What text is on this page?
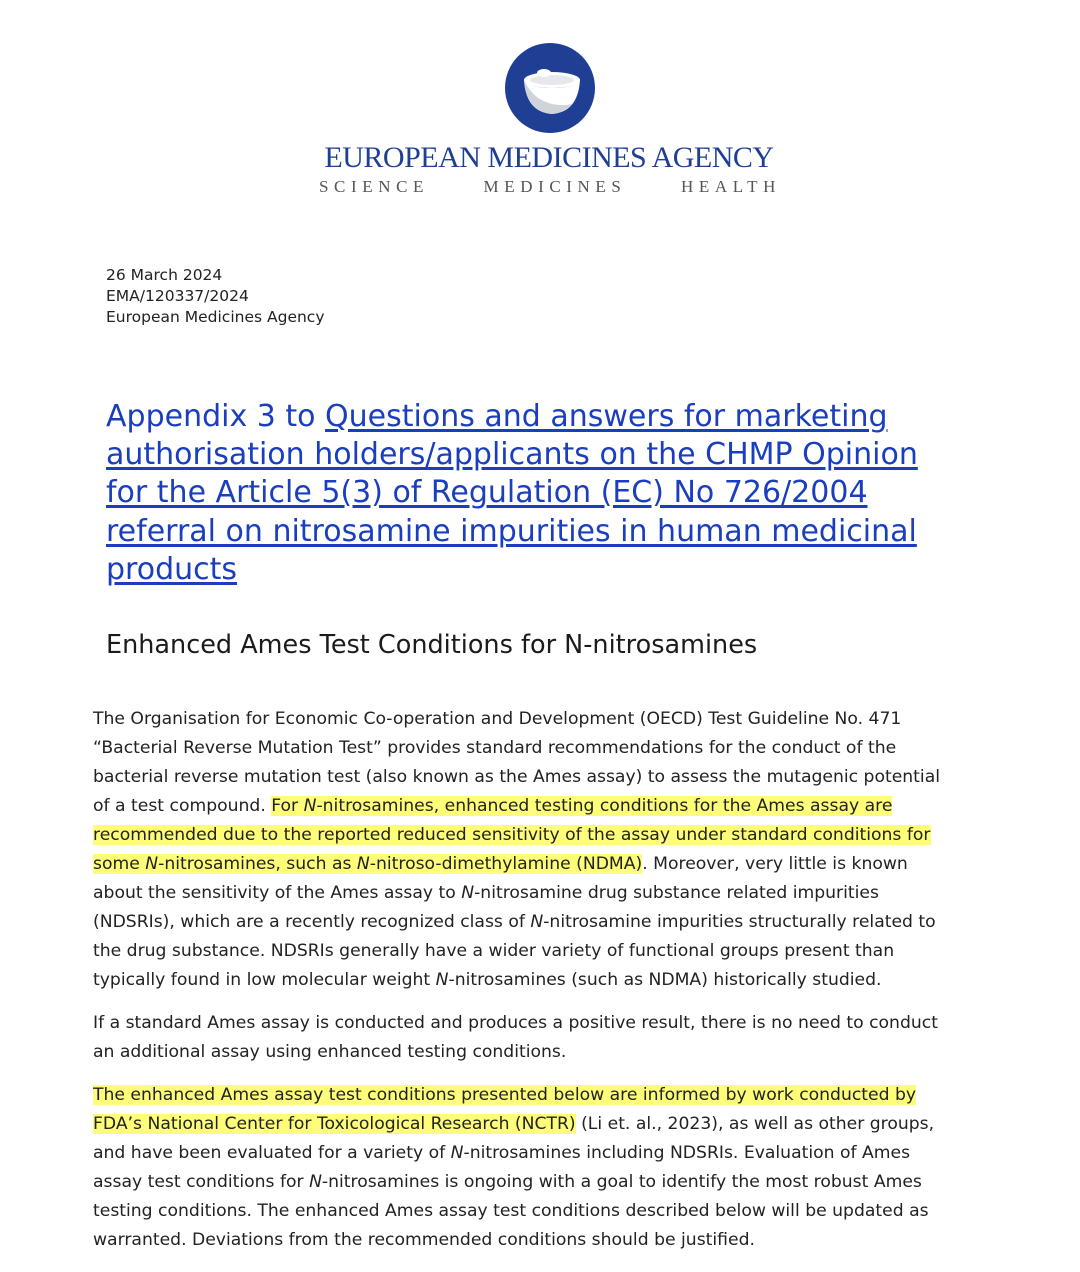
EUROPEAN MEDICINES AGENCY
SCIENCE	MEDICINES	HEALTH
26 March 2024
EMA/120337/2024
European Medicines Agency
Appendix 3 to Questions and answers for marketing
authorisation holders/applicants on the CHMP Opinion
for the Article 5(3) of Regulation (EC) No 726/2004
referral on nitrosamine impurities in human medicinal
products
Enhanced Ames Test Conditions for N-nitrosamines

The Organisation for Economic Co-operation and Development (OECD) Test Guideline No. 471
“Bacterial Reverse Mutation Test” provides standard recommendations for the conduct of the
bacterial reverse mutation test (also known as the Ames assay) to assess the mutagenic potential
of a test compound. For N-nitrosamines, enhanced testing conditions for the Ames assay are
recommended due to the reported reduced sensitivity of the assay under standard conditions for
some N-nitrosamines, such as N-nitroso-dimethylamine (NDMA). Moreover, very little is known
about the sensitivity of the Ames assay to N-nitrosamine drug substance related impurities
(NDSRIs), which are a recently recognized class of N-nitrosamine impurities structurally related to
the drug substance. NDSRIs generally have a wider variety of functional groups present than
typically found in low molecular weight N-nitrosamines (such as NDMA) historically studied.

If a standard Ames assay is conducted and produces a positive result, there is no need to conduct
an additional assay using enhanced testing conditions.

The enhanced Ames assay test conditions presented below are informed by work conducted by
FDA’s National Center for Toxicological Research (NCTR) (Li et. al., 2023), as well as other groups,
and have been evaluated for a variety of N-nitrosamines including NDSRIs. Evaluation of Ames
assay test conditions for N-nitrosamines is ongoing with a goal to identify the most robust Ames
testing conditions. The enhanced Ames assay test conditions described below will be updated as
warranted. Deviations from the recommended conditions should be justified.
